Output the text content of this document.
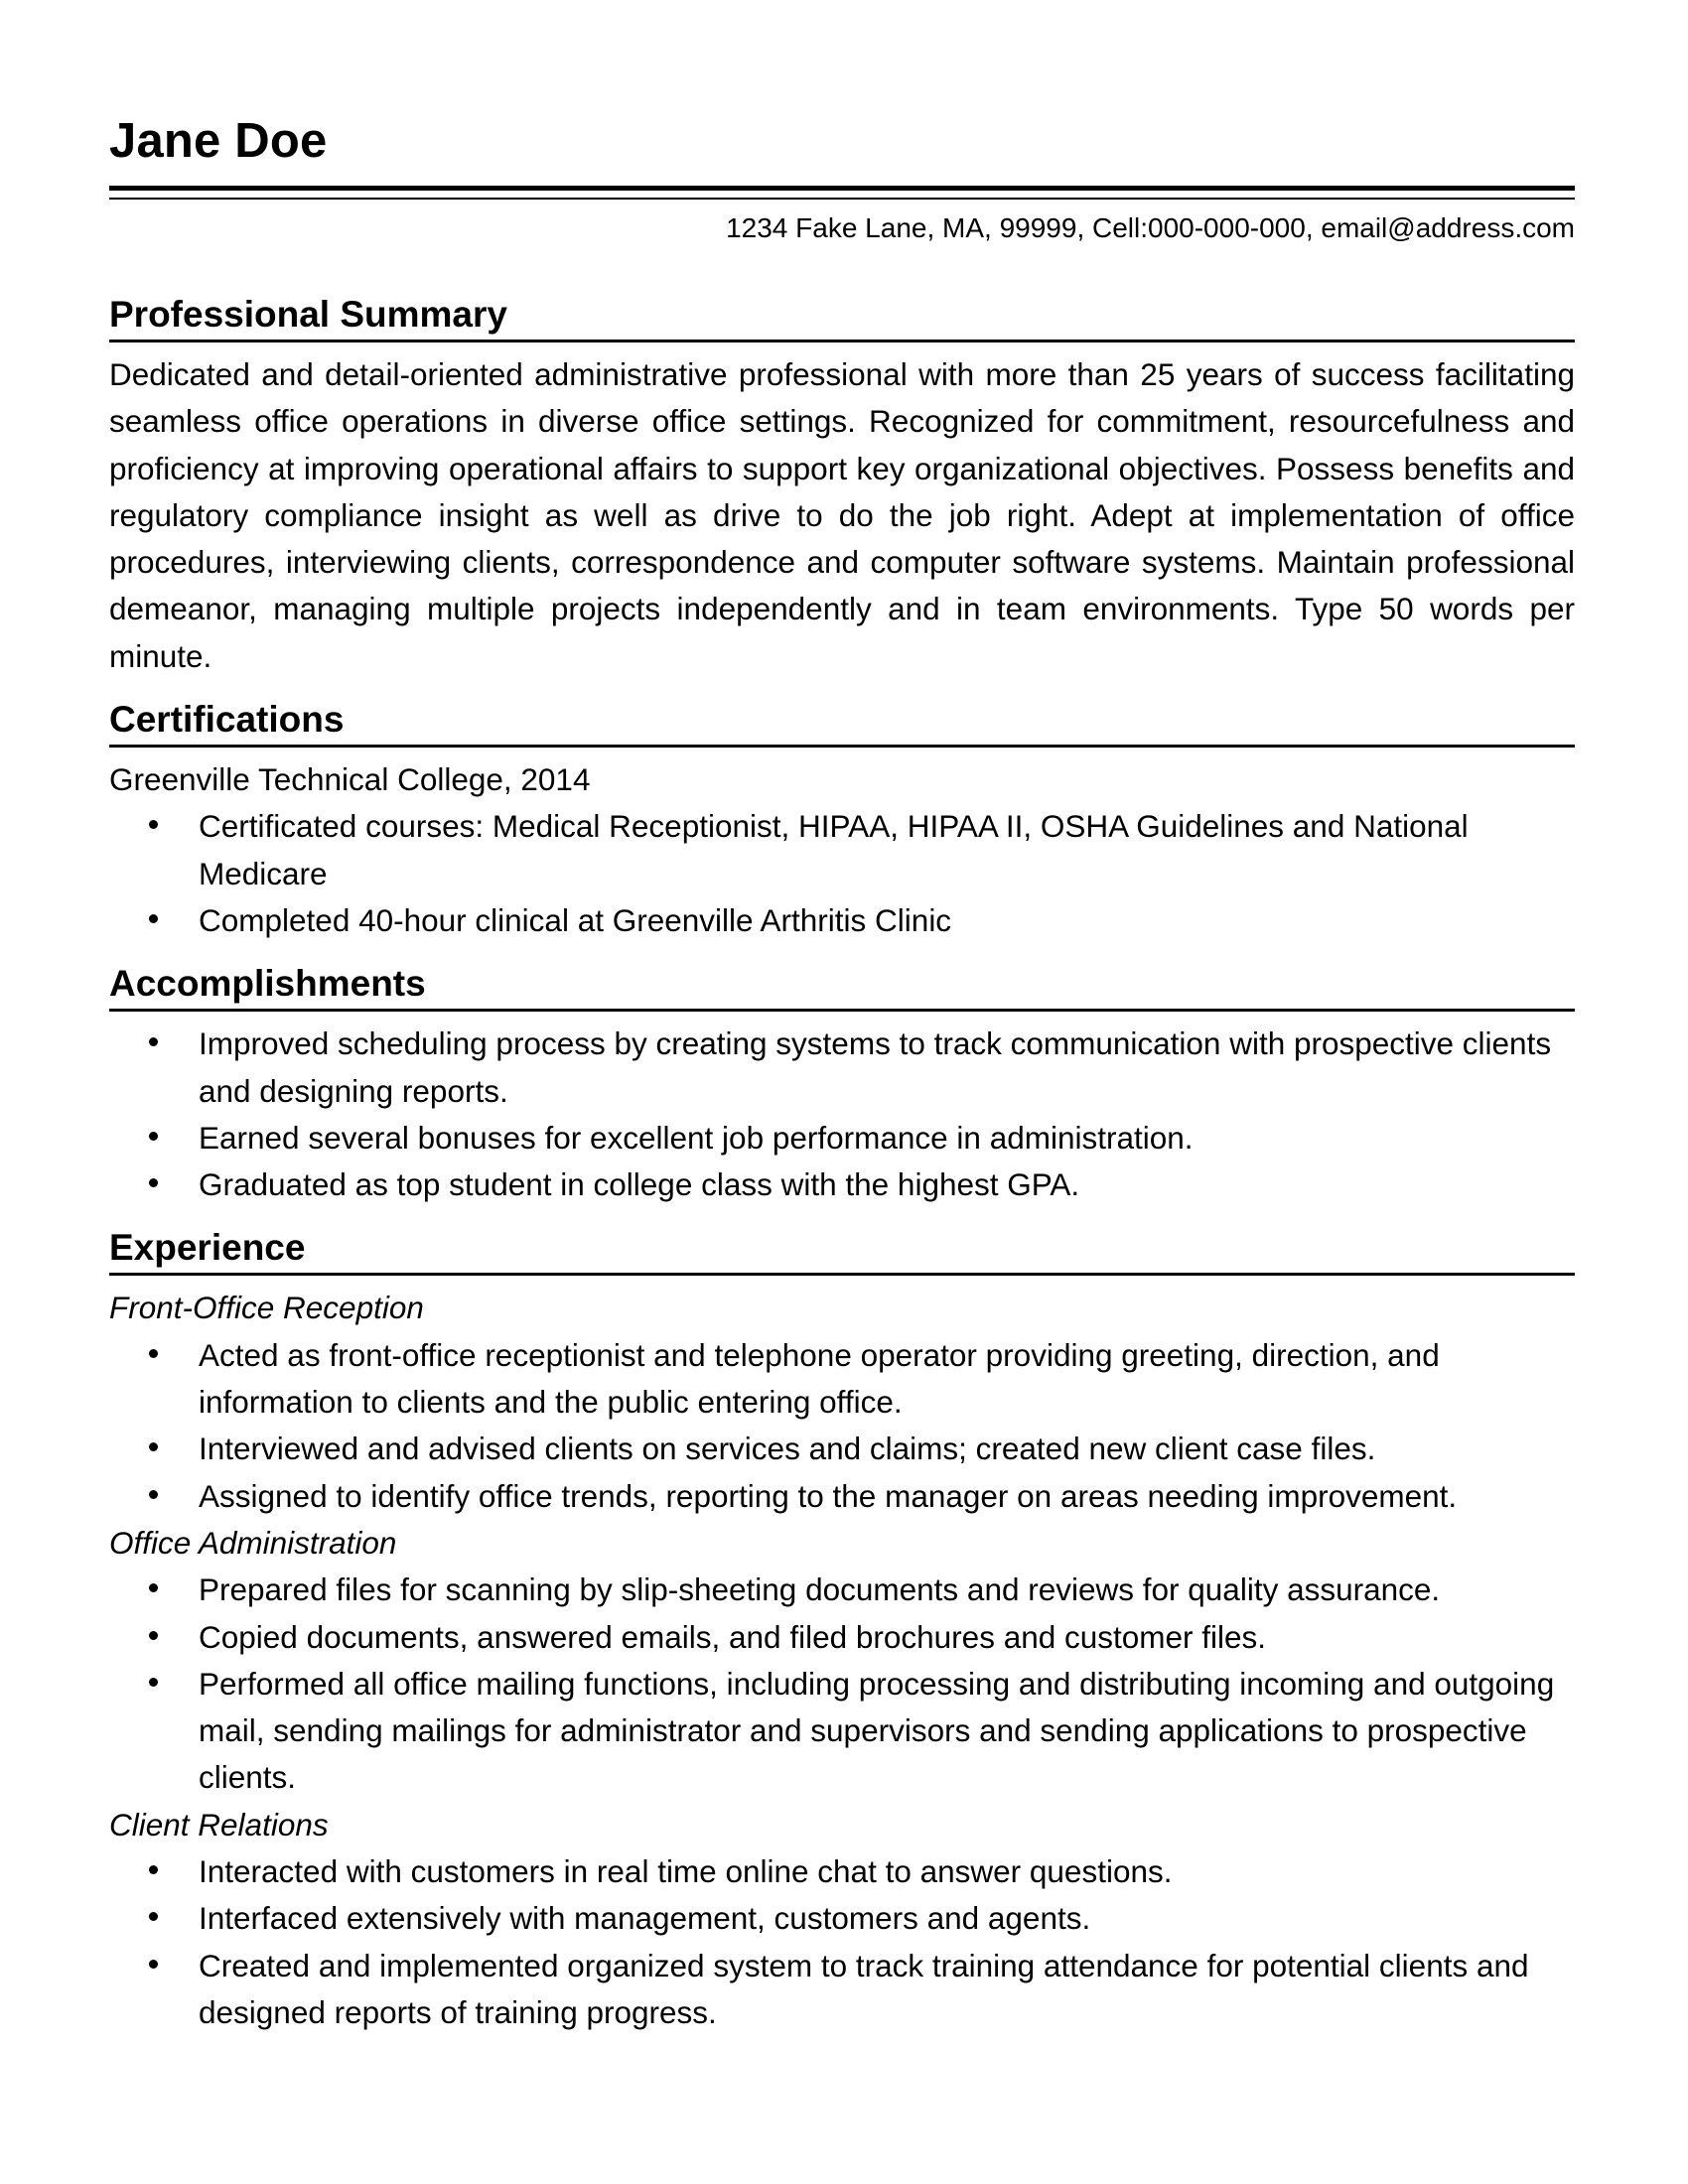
Jane Doe
1234 Fake Lane, MA, 99999, Cell:000-000-000, email@address.com
Professional Summary
Dedicated and detail-oriented administrative professional with more than 25 years of success facilitating seamless office operations in diverse office settings. Recognized for commitment, resourcefulness and proficiency at improving operational affairs to support key organizational objectives. Possess benefits and regulatory compliance insight as well as drive to do the job right. Adept at implementation of office procedures, interviewing clients, correspondence and computer software systems. Maintain professional demeanor, managing multiple projects independently and in team environments. Type 50 words per minute.
Certifications
Greenville Technical College, 2014
Certificated courses: Medical Receptionist, HIPAA, HIPAA II, OSHA Guidelines and National Medicare
Completed 40-hour clinical at Greenville Arthritis Clinic
Accomplishments
Improved scheduling process by creating systems to track communication with prospective clients and designing reports.
Earned several bonuses for excellent job performance in administration.
Graduated as top student in college class with the highest GPA.
Experience
Front-Office Reception
Acted as front-office receptionist and telephone operator providing greeting, direction, and information to clients and the public entering office.
Interviewed and advised clients on services and claims; created new client case files.
Assigned to identify office trends, reporting to the manager on areas needing improvement.
Office Administration
Prepared files for scanning by slip-sheeting documents and reviews for quality assurance.
Copied documents, answered emails, and filed brochures and customer files.
Performed all office mailing functions, including processing and distributing incoming and outgoing mail, sending mailings for administrator and supervisors and sending applications to prospective clients.
Client Relations
Interacted with customers in real time online chat to answer questions.
Interfaced extensively with management, customers and agents.
Created and implemented organized system to track training attendance for potential clients and designed reports of training progress.
